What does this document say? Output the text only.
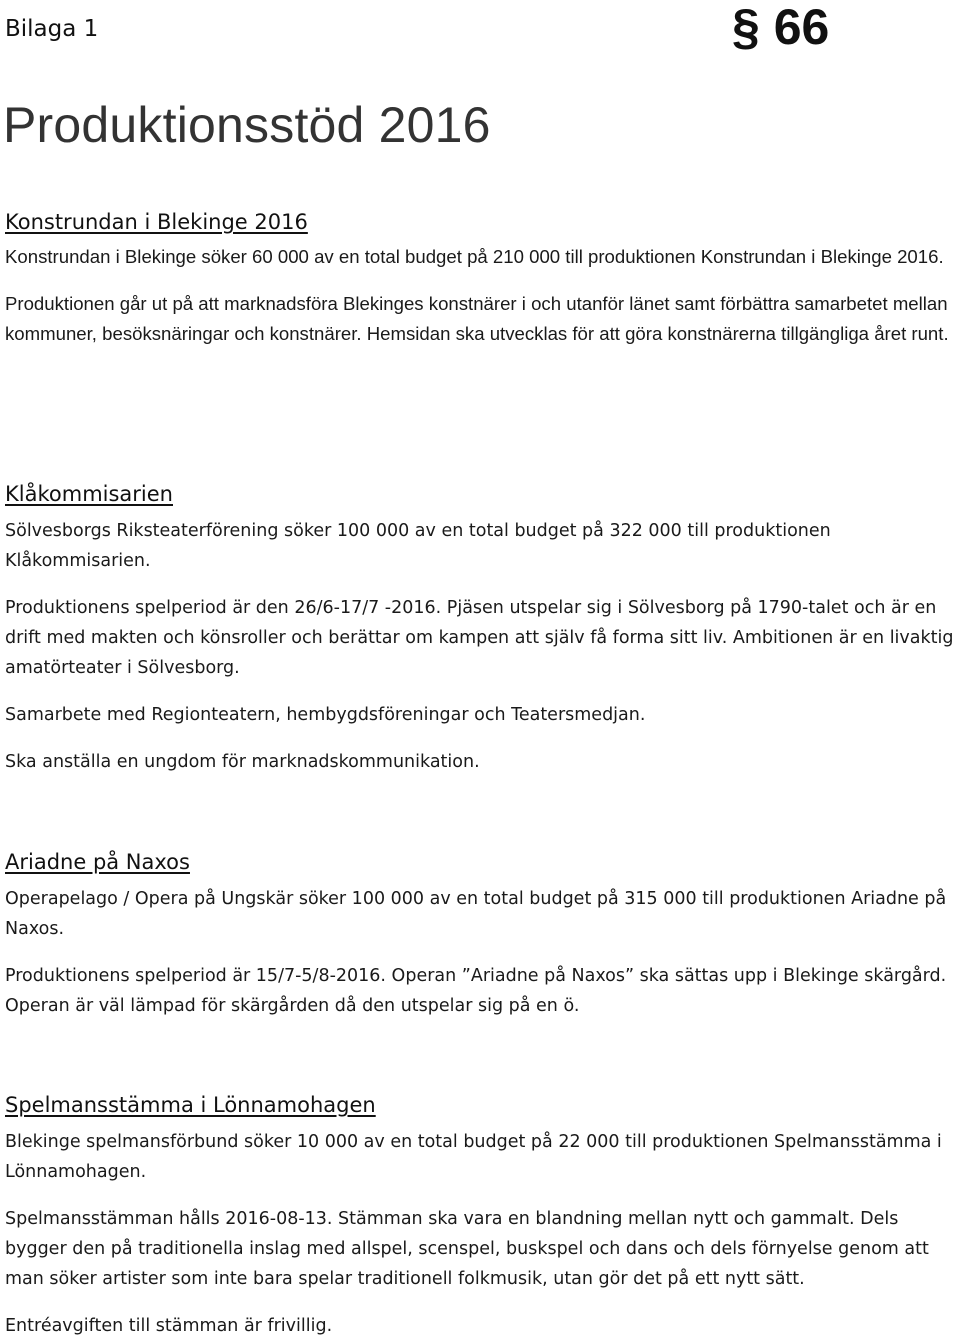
Bilaga 1	§ 66
Produktionsstöd 2016
Konstrundan i Blekinge 2016

Konstrundan i Blekinge söker 60 000 av en total budget på 210 000 till produktionen Konstrundan i Blekinge 2016.

Produktionen går ut på att marknadsföra Blekinges konstnärer i och utanför länet samt förbättra samarbetet mellan kommuner, besöksnäringar och konstnärer. Hemsidan ska utvecklas för att göra konstnärerna tillgängliga året runt.

Klåkommisarien

Sölvesborgs Riksteaterförening söker 100 000 av en total budget på 322 000 till produktionen Klåkommisarien.

Produktionens spelperiod är den 26/6-17/7 -2016. Pjäsen utspelar sig i Sölvesborg på 1790-talet och är en drift med makten och könsroller och berättar om kampen att själv få forma sitt liv. Ambitionen är en livaktig amatörteater i Sölvesborg.

Samarbete med Regionteatern, hembygdsföreningar och Teatersmedjan.

Ska anställa en ungdom för marknadskommunikation.

Ariadne på Naxos

Operapelago / Opera på Ungskär söker 100 000 av en total budget på 315 000 till produktionen Ariadne på Naxos.

Produktionens spelperiod är 15/7-5/8-2016. Operan ”Ariadne på Naxos” ska sättas upp i Blekinge skärgård. Operan är väl lämpad för skärgården då den utspelar sig på en ö.

Spelmansstämma i Lönnamohagen

Blekinge spelmansförbund söker 10 000 av en total budget på 22 000 till produktionen Spelmansstämma i Lönnamohagen.

Spelmansstämman hålls 2016-08-13. Stämman ska vara en blandning mellan nytt och gammalt. Dels bygger den på traditionella inslag med allspel, scenspel, buskspel och dans och dels förnyelse genom att man söker artister som inte bara spelar traditionell folkmusik, utan gör det på ett nytt sätt.

Entréavgiften till stämman är frivillig.
